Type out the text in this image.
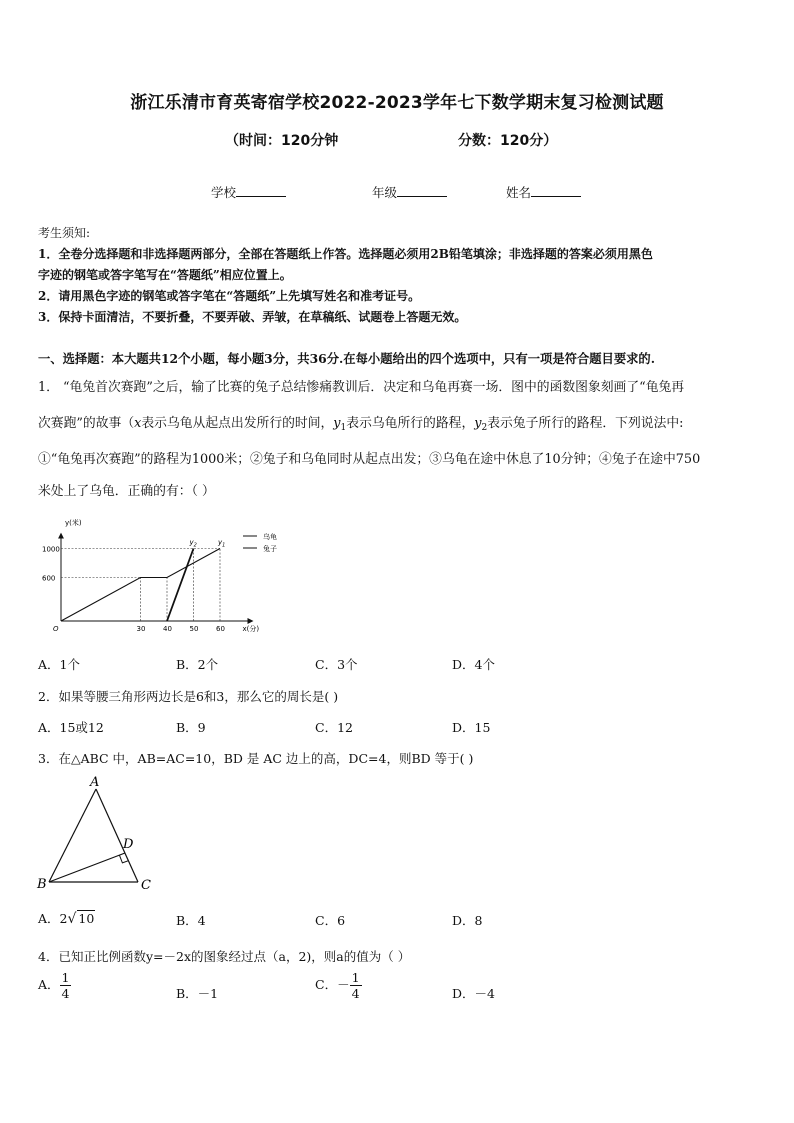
浙江乐清市育英寄宿学校2022-2023学年七下数学期末复习检测试题
（时间：120分钟	分数：120分）
学校	年级	姓名
考生须知:
1．全卷分选择题和非选择题两部分，全部在答题纸上作答。选择题必须用2B铅笔填涂；非选择题的答案必须用黑色
字迹的钢笔或答字笔写在“答题纸”相应位置上。
2．请用黑色字迹的钢笔或答字笔在“答题纸”上先填写姓名和准考证号。
3．保持卡面清洁，不要折叠，不要弄破、弄皱，在草稿纸、试题卷上答题无效。
一、选择题：本大题共12个小题，每小题3分，共36分.在每小题给出的四个选项中，只有一项是符合题目要求的.
1． “龟兔首次赛跑”之后，输了比赛的兔子总结惨痛教训后．决定和乌龟再赛一场．图中的函数图象刻画了“龟兔再
次赛跑”的故事（x表示乌龟从起点出发所行的时间，$y_1$表示乌龟所行的路程，$y_2$表示兔子所行的路程．下列说法中:
①“龟兔再次赛跑”的路程为1000米；②兔子和乌龟同时从起点出发；③乌龟在途中休息了10分钟；④兔子在途中750
米处上了乌龟．正确的有：（ ）
y(米)
x(分)
O
600
1000
30	40	50	60
$y_1$
$y_2$
乌龟
兔子
A．1个	B．2个	C．3个	D．4个
2．如果等腰三角形两边长是6和3，那么它的周长是( )
A．15或12	B．9	C．12	D．15
3．在△ABC 中，AB=AC=10，BD 是 AC 边上的高，DC=4，则BD 等于( )
A
B	C
D
A．2√ 10	B．4	C．6	D．8
4．已知正比例函数y=－2x的图象经过点（a，2)，则a的值为（ ）
A． $\frac{1}{4}$	B．－1
C．－ $\frac{1}{4}$	D．－4
